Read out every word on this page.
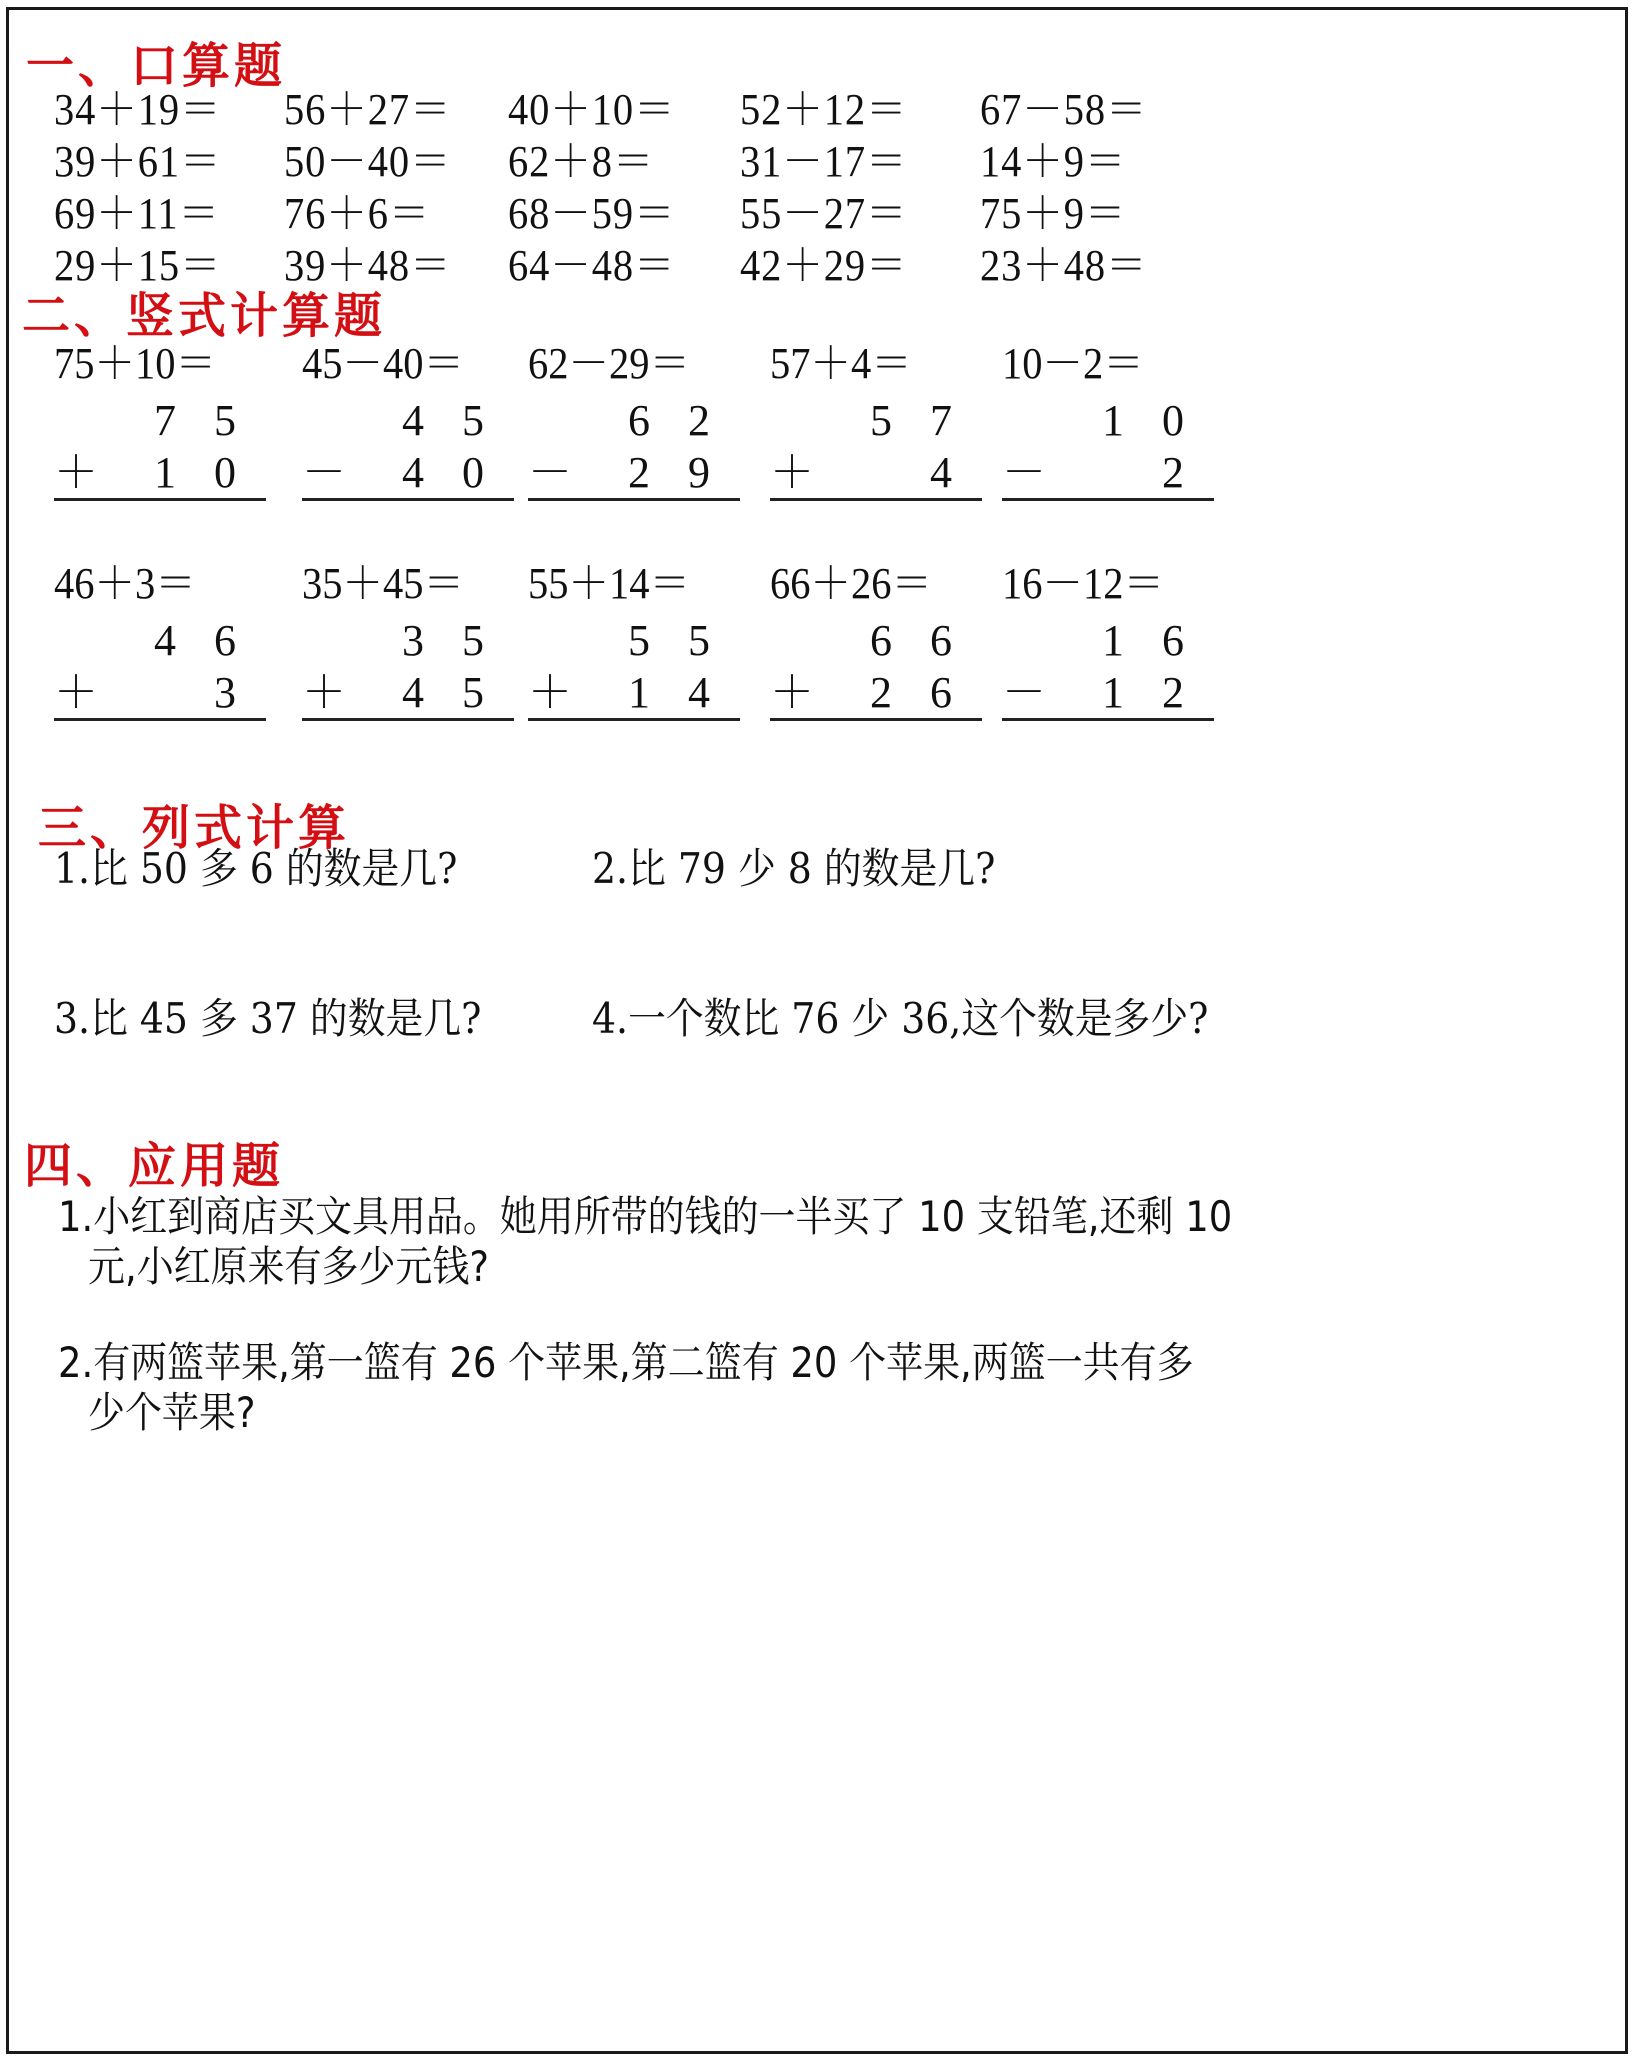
一、口算题
34＋19＝ 56＋27＝ 40＋10＝ 52＋12＝ 67－58＝
39＋61＝ 50－40＝ 62＋8＝ 31－17＝ 14＋9＝
69＋11＝ 76＋6＝ 68－59＝ 55－27＝ 75＋9＝
29＋15＝ 39＋48＝ 64－48＝ 42＋29＝ 23＋48＝
二、竖式计算题
75＋10＝
7 5
＋ 1 0
45－40＝
4 5
－ 4 0
62－29＝
6 2
－ 2 9
57＋4＝
5 7
＋	4
10－2＝
1 0
－	2
46＋3＝
4 6
＋	3
35＋45＝
3 5
＋ 4 5
55＋14＝
5 5
＋ 1 4
66＋26＝
6 6
＋ 2 6
16－12＝
1 6
－ 1 2
三、列式计算
1.比 50 多 6 的数是几?	2.比 79 少 8 的数是几?
3.比 45 多 37 的数是几?	4.一个数比 76 少 36,这个数是多少?
四、应用题
1.小红到商店买文具用品。她用所带的钱的一半买了 10 支铅笔,还剩 10
元,小红原来有多少元钱?
2.有两篮苹果,第一篮有 26 个苹果,第二篮有 20 个苹果,两篮一共有多
少个苹果?
